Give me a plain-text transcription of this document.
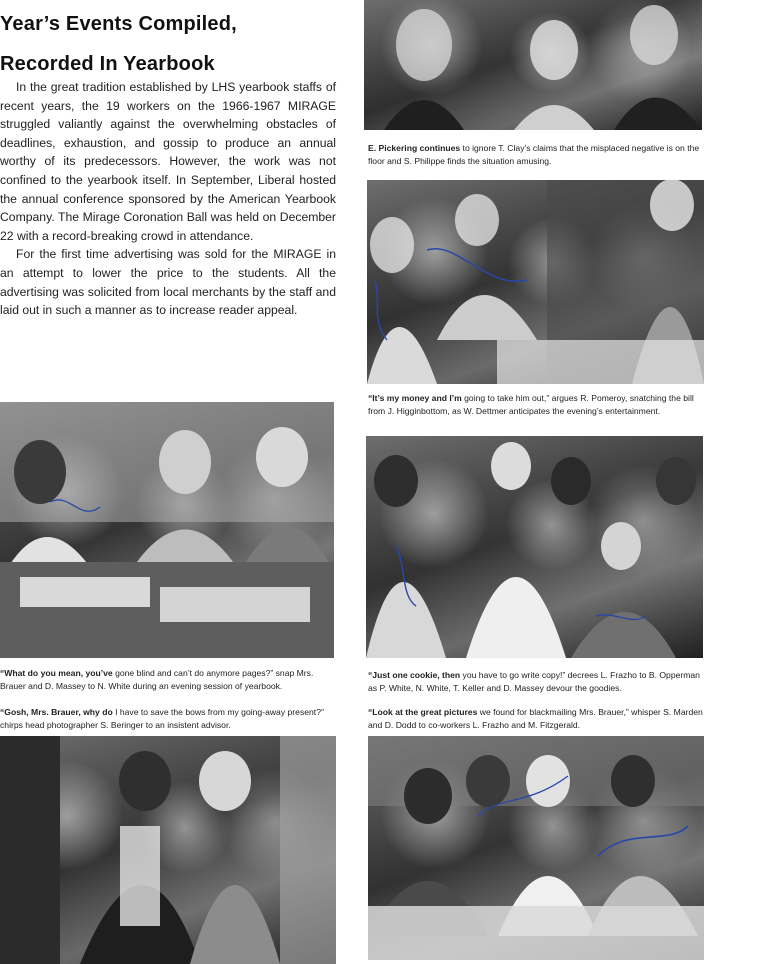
Year’s Events Compiled,
Recorded In Yearbook

In the great tradition established by LHS yearbook staffs of recent years, the 19 workers on the 1966-1967 MIRAGE struggled valiantly against the overwhelming obstacles of deadlines, exhaustion, and gossip to produce an annual worthy of its predecessors. However, the work was not confined to the yearbook itself. In September, Liberal hosted the annual conference sponsored by the American Yearbook Company. The Mirage Coronation Ball was held on December 22 with a record-breaking crowd in attendance.

For the first time advertising was sold for the MIRAGE in an attempt to lower the price to the students. All the advertising was solicited from local merchants by the staff and laid out in such a manner as to increase reader appeal.

E. Pickering continues to ignore T. Clay’s claims that the misplaced negative is on the floor and S. Philippe finds the situation amusing.
“It’s my money and I’m going to take him out,” argues R. Pomeroy, snatching the bill from J. Higginbottom, as W. Dettmer anticipates the evening’s entertainment.
“What do you mean, you’ve gone blind and can’t do anymore pages?” snap Mrs. Brauer and D. Massey to N. White during an evening session of yearbook.
“Just one cookie, then you have to go write copy!” decrees L. Frazho to B. Opperman as P. White, N. White, T. Keller and D. Massey devour the goodies.
“Gosh, Mrs. Brauer, why do I have to save the bows from my going-away present?” chirps head photographer S. Beringer to an insistent advisor.
“Look at the great pictures we found for blackmailing Mrs. Brauer,” whisper S. Marden and D. Dodd to co-workers L. Frazho and M. Fitzgerald.
